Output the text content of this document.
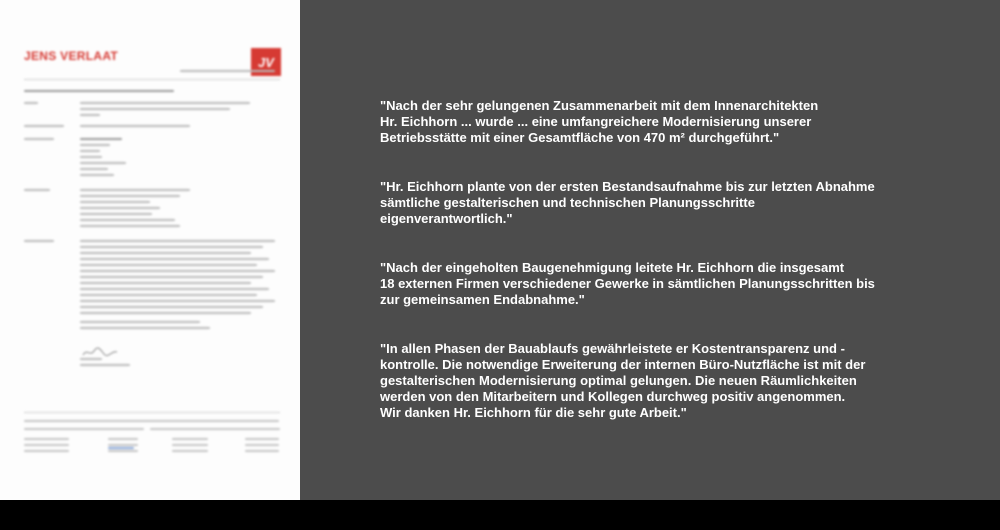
JENS VERLAAT	JV

"Nach der sehr gelungenen Zusammenarbeit mit dem Innenarchitekten
Hr. Eichhorn ... wurde ... eine umfangreichere Modernisierung unserer
Betriebsstätte mit einer Gesamtfläche von 470 m² durchgeführt."

"Hr. Eichhorn plante von der ersten Bestandsaufnahme bis zur letzten Abnahme
sämtliche gestalterischen und technischen Planungsschritte
eigenverantwortlich."

"Nach der eingeholten Baugenehmigung leitete Hr. Eichhorn die insgesamt
18 externen Firmen verschiedener Gewerke in sämtlichen Planungsschritten bis
zur gemeinsamen Endabnahme."

"In allen Phasen der Bauablaufs gewährleistete er Kostentransparenz und -
kontrolle. Die notwendige Erweiterung der internen Büro-Nutzfläche ist mit der
gestalterischen Modernisierung optimal gelungen. Die neuen Räumlichkeiten
werden von den Mitarbeitern und Kollegen durchweg positiv angenommen.
Wir danken Hr. Eichhorn für die sehr gute Arbeit."
